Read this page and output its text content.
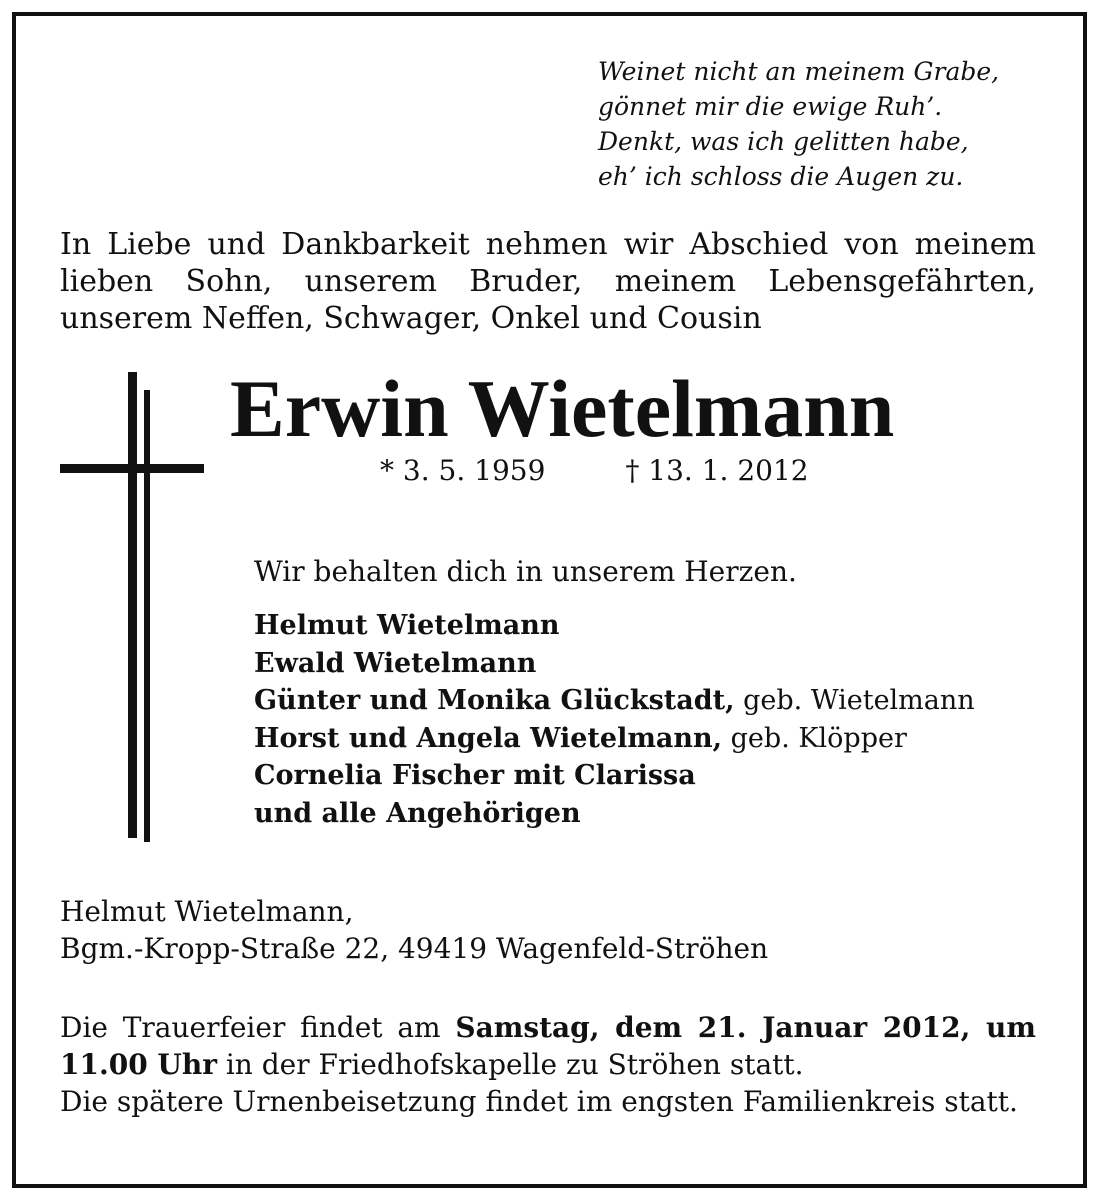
Weinet nicht an meinem Grabe,
gönnet mir die ewige Ruh’.
Denkt, was ich gelitten habe,
eh’ ich schloss die Augen zu.
In Liebe und Dankbarkeit nehmen wir Abschied von meinem lieben Sohn, unserem Bruder, meinem Lebensgefährten, unserem Neffen, Schwager, Onkel und Cousin
Erwin Wietelmann
* 3. 5. 1959	† 13. 1. 2012
Wir behalten dich in unserem Herzen.
Helmut Wietelmann
Ewald Wietelmann
Günter und Monika Glückstadt, geb. Wietelmann
Horst und Angela Wietelmann, geb. Klöpper
Cornelia Fischer mit Clarissa
und alle Angehörigen
Helmut Wietelmann,
Bgm.-Kropp-Straße 22, 49419 Wagenfeld-Ströhen
Die Trauerfeier findet am Samstag, dem 21. Januar 2012, um 11.00 Uhr in der Friedhofskapelle zu Ströhen statt.
Die spätere Urnenbeisetzung findet im engsten Familienkreis statt.
